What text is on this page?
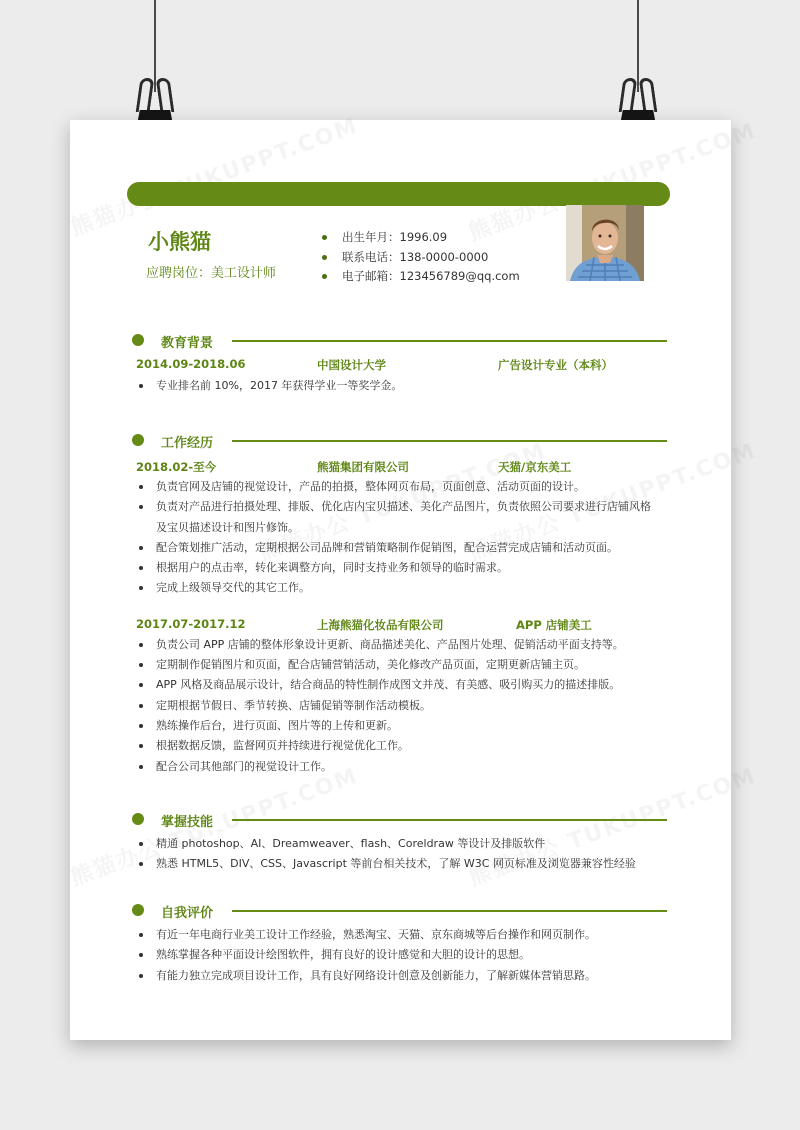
小熊猫
应聘岗位：美工设计师
出生年月：1996.09
联系电话：138-0000-0000
电子邮箱：123456789@qq.com
教育背景
2014.09-2018.06	中国设计大学	广告设计专业（本科）
专业排名前 10%，2017 年获得学业一等奖学金。
工作经历
2018.02-至今	熊猫集团有限公司	天猫/京东美工
负责官网及店铺的视觉设计，产品的拍摄，整体网页布局，页面创意、活动页面的设计。
负责对产品进行拍摄处理、排版、优化店内宝贝描述、美化产品图片，负责依照公司要求进行店铺风格
及宝贝描述设计和图片修饰。
配合策划推广活动，定期根据公司品牌和营销策略制作促销图，配合运营完成店铺和活动页面。
根据用户的点击率，转化来调整方向，同时支持业务和领导的临时需求。
完成上级领导交代的其它工作。
2017.07-2017.12	上海熊猫化妆品有限公司	APP 店铺美工
负责公司 APP 店铺的整体形象设计更新、商品描述美化、产品图片处理、促销活动平面支持等。
定期制作促销图片和页面，配合店铺营销活动，美化修改产品页面，定期更新店铺主页。
APP 风格及商品展示设计，结合商品的特性制作成图文并茂、有美感、吸引购买力的描述排版。
定期根据节假日、季节转换、店铺促销等制作活动模板。
熟练操作后台，进行页面、图片等的上传和更新。
根据数据反馈，监督网页并持续进行视觉优化工作。
配合公司其他部门的视觉设计工作。
掌握技能
精通 photoshop、AI、Dreamweaver、flash、Coreldraw 等设计及排版软件
熟悉 HTML5、DIV、CSS、Javascript 等前台相关技术，了解 W3C 网页标准及浏览器兼容性经验
自我评价
有近一年电商行业美工设计工作经验，熟悉淘宝、天猫、京东商城等后台操作和网页制作。
熟练掌握各种平面设计绘图软件，拥有良好的设计感觉和大胆的设计的思想。
有能力独立完成项目设计工作，具有良好网络设计创意及创新能力，了解新媒体营销思路。
